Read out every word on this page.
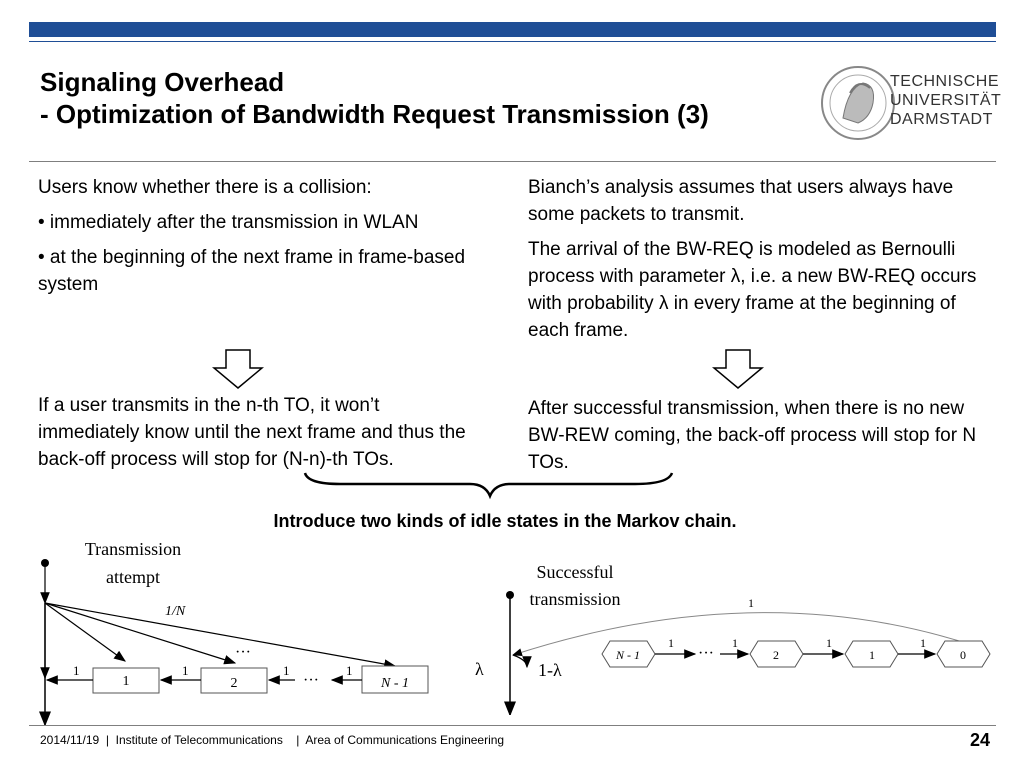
Signaling Overhead
- Optimization of Bandwidth Request Transmission (3)
TECHNISCHE
UNIVERSITÄT
DARMSTADT

Users know whether there is a collision:

• immediately after the transmission in WLAN

• at the beginning of the next frame in frame-based system

If a user transmits in the n-th TO, it won’t immediately know until the next frame and thus the back-off process will stop for (N-n)-th TOs.

Bianch’s analysis assumes that users always have some packets to transmit.

The arrival of the BW-REQ is modeled as Bernoulli process with parameter λ, i.e. a new BW-REQ occurs with probability λ in every frame at the beginning of each frame.

After successful transmission, when there is no new BW-REW coming, the back-off process will stop for N TOs.

Introduce two kinds of idle states in the Markov chain.
Transmission
attempt
1/N
1	2	N - 1
1	1	1
···
···
1
Successful
transmission	1
λ	1-λ
N - 1	2	1	0
1
···
1	1	1
2014/11/19 | Institute of Telecommunications | Area of Communications Engineering	24
